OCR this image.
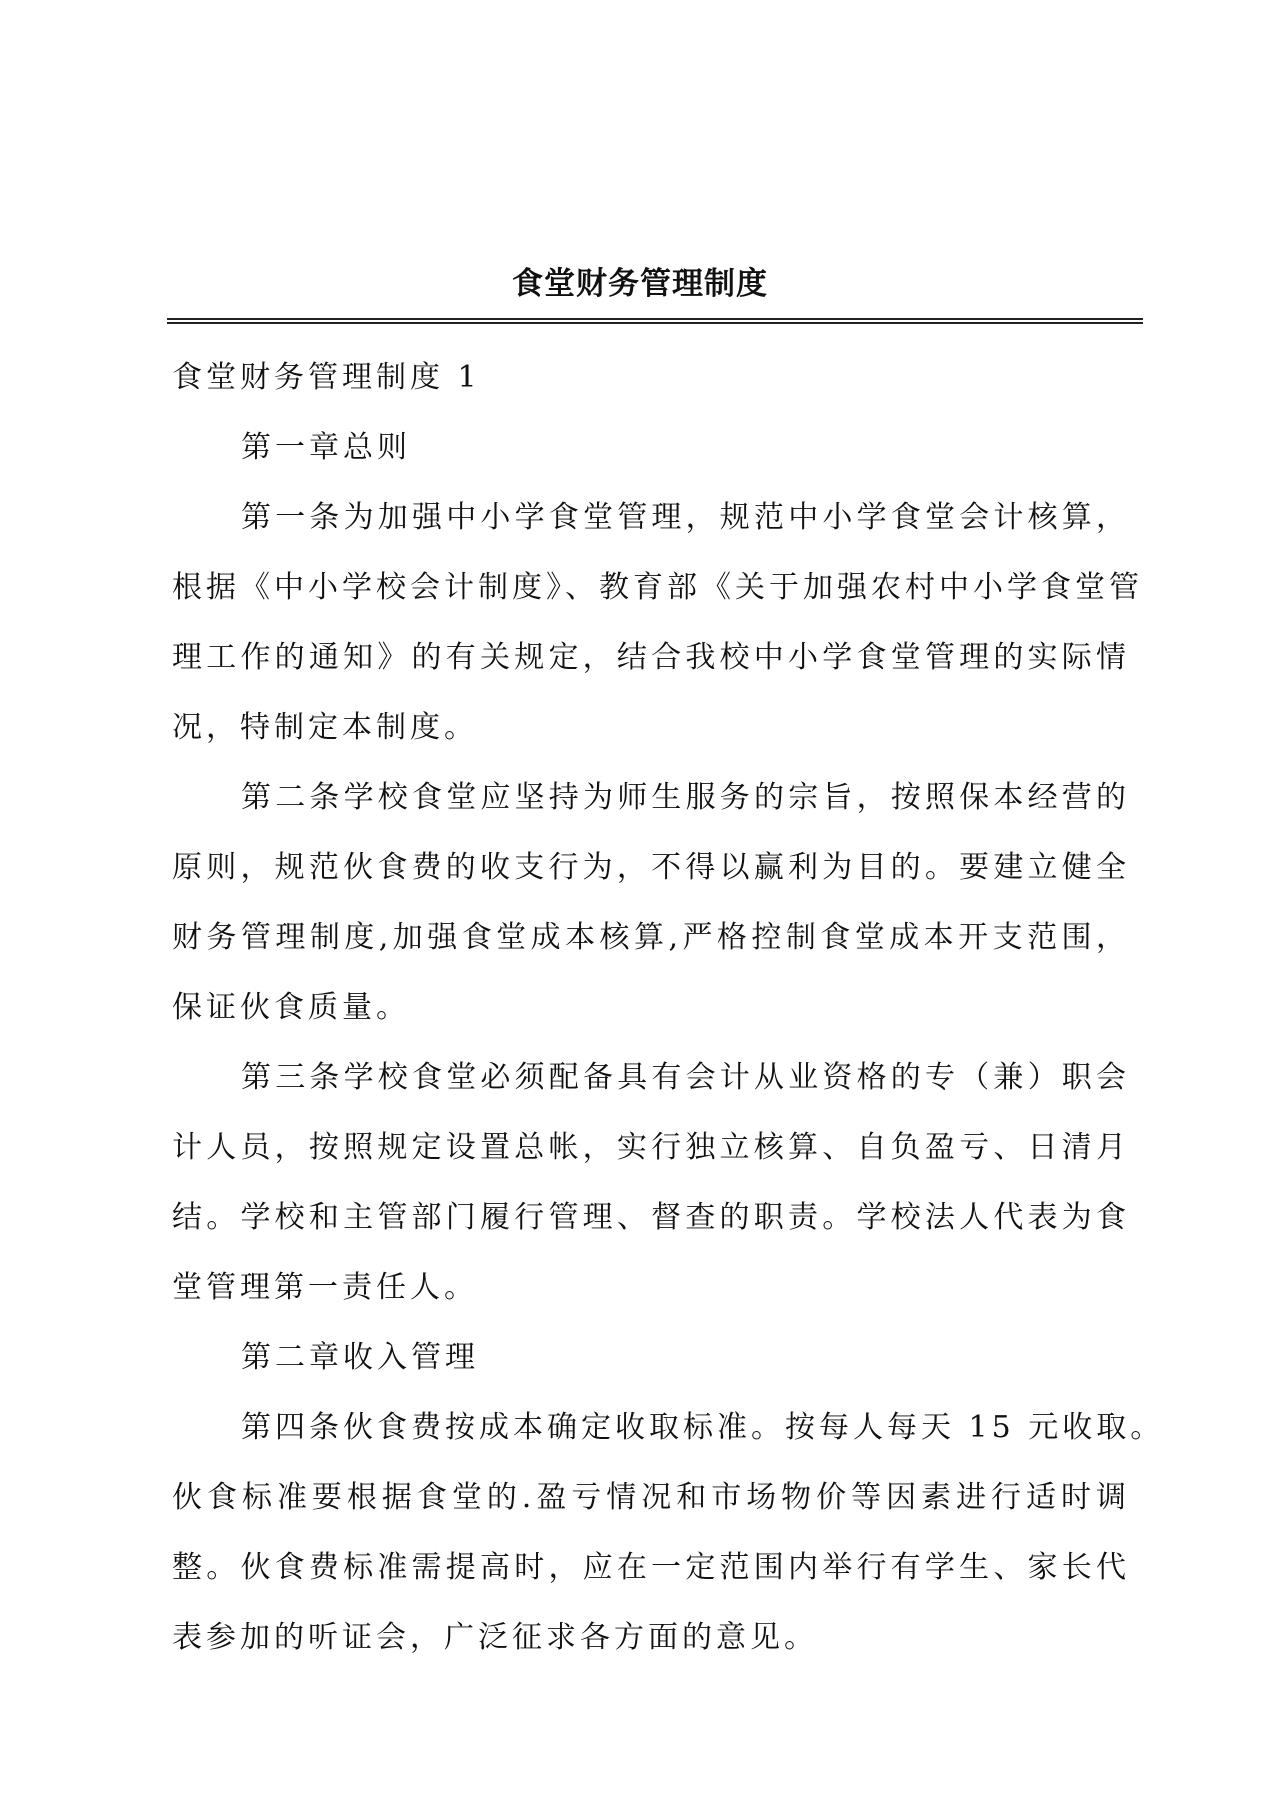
食堂财务管理制度
食堂财务管理制度 1
第一章总则
第一条为加强中小学食堂管理，规范中小学食堂会计核算，
根据《中小学校会计制度》、教育部《关于加强农村中小学食堂管
理工作的通知》的有关规定，结合我校中小学食堂管理的实际情
况，特制定本制度。
第二条学校食堂应坚持为师生服务的宗旨，按照保本经营的
原则，规范伙食费的收支行为，不得以赢利为目的。要建立健全
财务管理制度,加强食堂成本核算,严格控制食堂成本开支范围，
保证伙食质量。
第三条学校食堂必须配备具有会计从业资格的专（兼）职会
计人员，按照规定设置总帐，实行独立核算、自负盈亏、日清月
结。学校和主管部门履行管理、督查的职责。学校法人代表为食
堂管理第一责任人。
第二章收入管理
第四条伙食费按成本确定收取标准。按每人每天 15 元收取。
伙食标准要根据食堂的.盈亏情况和市场物价等因素进行适时调
整。伙食费标准需提高时，应在一定范围内举行有学生、家长代
表参加的听证会，广泛征求各方面的意见。
